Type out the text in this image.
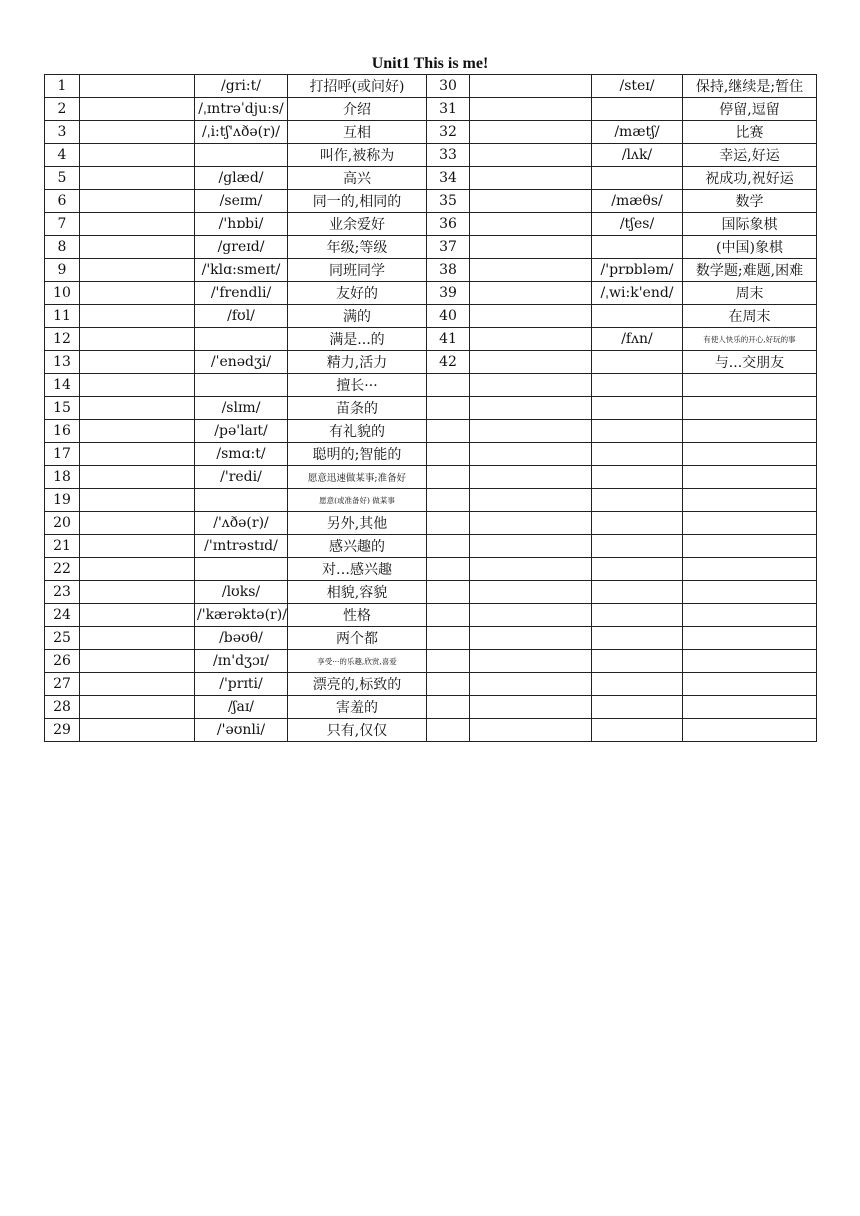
Unit1 This is me!
1		/gri:t/	打招呼(或问好)	30		/steɪ/	保持,继续是;暂住
2		/ˌɪntrəˈdjuːs/	介绍	31			停留,逗留
3		/ˌi:tʃ'ʌðə(r)/	互相	32		/mætʃ/	比赛
4			叫作,被称为	33		/lʌk/	幸运,好运
5		/glæd/	高兴	34			祝成功,祝好运
6		/seɪm/	同一的,相同的	35		/mæθs/	数学
7		/'hɒbi/	业余爱好	36		/tʃes/	国际象棋
8		/greɪd/	年级;等级	37			(中国)象棋
9		/'klɑ:smeɪt/	同班同学	38		/'prɒbləm/	数学题;难题,困难
10		/'frendli/	友好的	39		/ˌwi:k'end/	周末
11		/fʊl/	满的	40			在周末
12			满是...的	41		/fʌn/	有使人快乐的开心,好玩的事
13		/ˈenədʒi/	精力,活力	42			与...交朋友
14			擅长···				
15		/slɪm/	苗条的				
16		/pə'laɪt/	有礼貌的				
17		/smɑ:t/	聪明的;智能的				
18		/'redi/	愿意迅速做某事;准备好				
19			愿意(或准备好) 做某事				
20		/'ʌðə(r)/	另外,其他				
21		/'ɪntrəstɪd/	感兴趣的				
22			对…感兴趣				
23		/lʊks/	相貌,容貌				
24		/'kærəktə(r)/	性格				
25		/bəʊθ/	两个都				
26		/ɪn'dʒɔɪ/	享受···的乐趣,欣赏,喜爱				
27		/'prɪti/	漂亮的,标致的				
28		/ʃaɪ/	害羞的				
29		/'əʊnli/	只有,仅仅				
